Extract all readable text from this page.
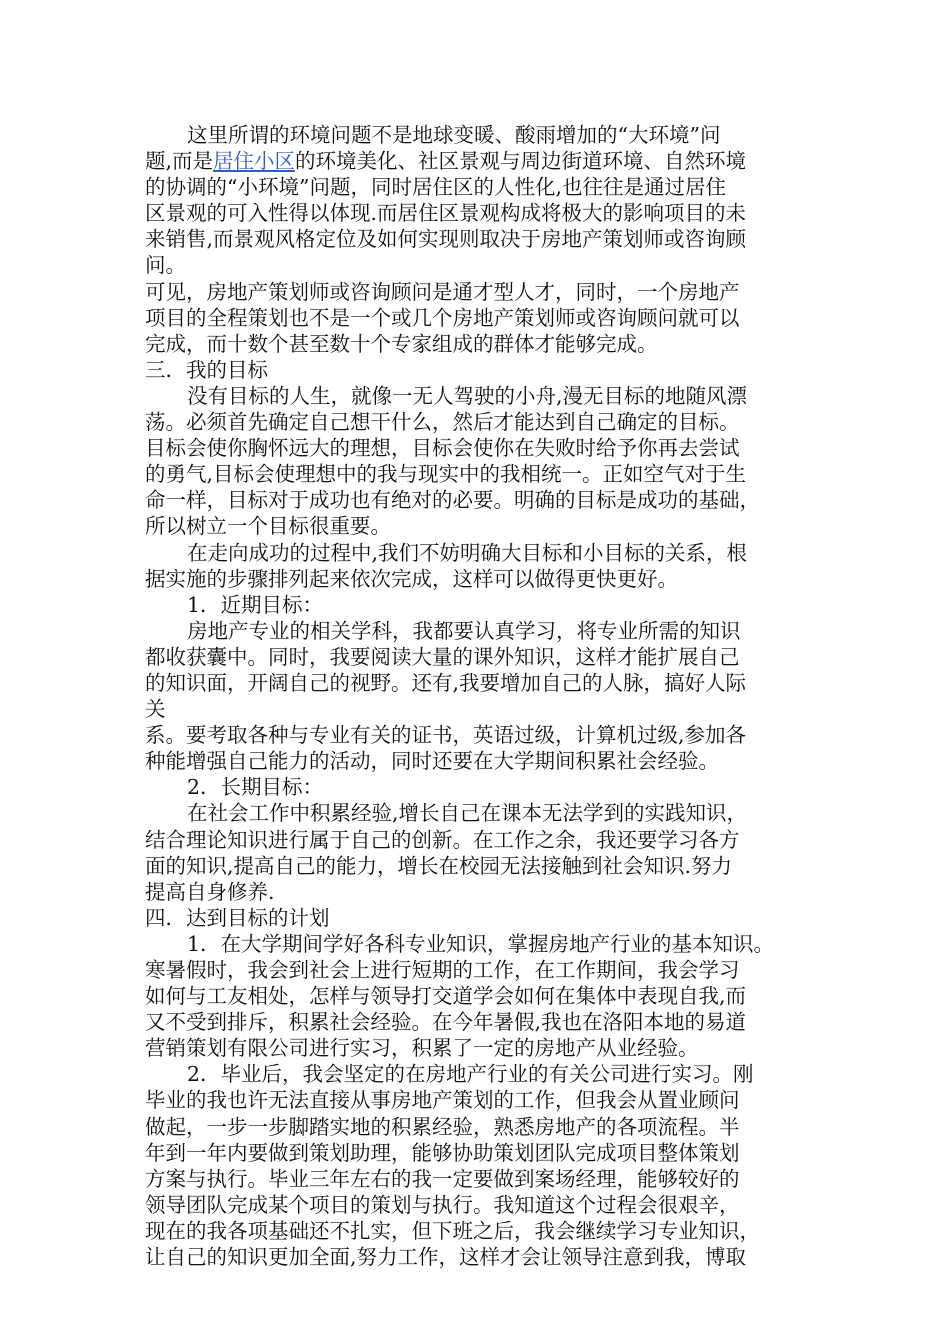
这里所谓的环境问题不是地球变暖、酸雨增加的“大环境”问
题,而是居住小区的环境美化、社区景观与周边街道环境、自然环境
的协调的“小环境”问题，同时居住区的人性化,也往往是通过居住
区景观的可入性得以体现.而居住区景观构成将极大的影响项目的未
来销售,而景观风格定位及如何实现则取决于房地产策划师或咨询顾
问。
可见，房地产策划师或咨询顾问是通才型人才，同时，一个房地产
项目的全程策划也不是一个或几个房地产策划师或咨询顾问就可以
完成，而十数个甚至数十个专家组成的群体才能够完成。
三．我的目标
没有目标的人生，就像一无人驾驶的小舟,漫无目标的地随风漂
荡。必须首先确定自己想干什么，然后才能达到自己确定的目标。
目标会使你胸怀远大的理想，目标会使你在失败时给予你再去尝试
的勇气,目标会使理想中的我与现实中的我相统一。正如空气对于生
命一样，目标对于成功也有绝对的必要。明确的目标是成功的基础，
所以树立一个目标很重要。
在走向成功的过程中,我们不妨明确大目标和小目标的关系，根
据实施的步骤排列起来依次完成，这样可以做得更快更好。
1．近期目标：
房地产专业的相关学科，我都要认真学习，将专业所需的知识
都收获囊中。同时，我要阅读大量的课外知识，这样才能扩展自己
的知识面，开阔自己的视野。还有,我要增加自己的人脉，搞好人际
关
系。要考取各种与专业有关的证书，英语过级，计算机过级,参加各
种能增强自己能力的活动，同时还要在大学期间积累社会经验。
2．长期目标：
在社会工作中积累经验,增长自己在课本无法学到的实践知识，
结合理论知识进行属于自己的创新。在工作之余，我还要学习各方
面的知识,提高自己的能力，增长在校园无法接触到社会知识.努力
提高自身修养.
四．达到目标的计划
1．在大学期间学好各科专业知识，掌握房地产行业的基本知识。
寒暑假时，我会到社会上进行短期的工作，在工作期间，我会学习
如何与工友相处，怎样与领导打交道学会如何在集体中表现自我,而
又不受到排斥，积累社会经验。在今年暑假,我也在洛阳本地的易道
营销策划有限公司进行实习，积累了一定的房地产从业经验。
2．毕业后，我会坚定的在房地产行业的有关公司进行实习。刚
毕业的我也许无法直接从事房地产策划的工作，但我会从置业顾问
做起，一步一步脚踏实地的积累经验，熟悉房地产的各项流程。半
年到一年内要做到策划助理，能够协助策划团队完成项目整体策划
方案与执行。毕业三年左右的我一定要做到案场经理，能够较好的
领导团队完成某个项目的策划与执行。我知道这个过程会很艰辛，
现在的我各项基础还不扎实，但下班之后，我会继续学习专业知识，
让自己的知识更加全面,努力工作，这样才会让领导注意到我，博取
